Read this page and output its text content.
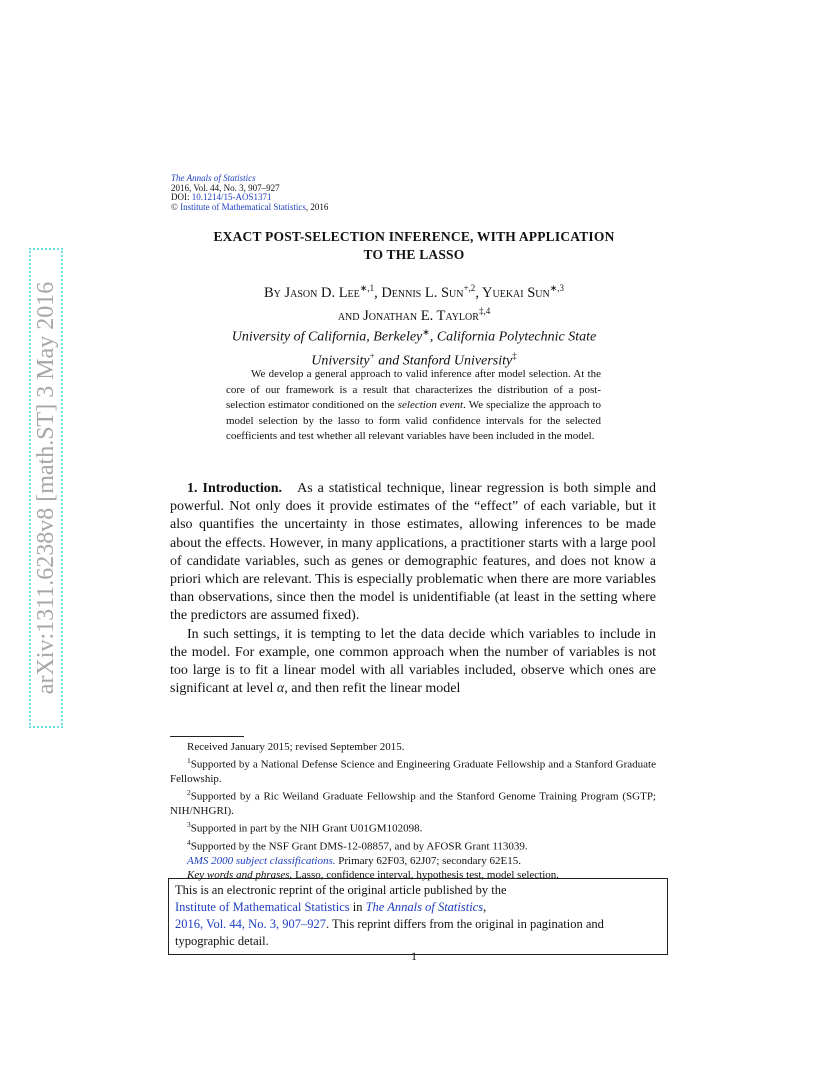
arXiv:1311.6238v8 [math.ST] 3 May 2016
The Annals of Statistics
2016, Vol. 44, No. 3, 907–927
DOI: 10.1214/15-AOS1371
© Institute of Mathematical Statistics, 2016
EXACT POST-SELECTION INFERENCE, WITH APPLICATION
TO THE LASSO
By Jason D. Lee$^{∗,1}$, Dennis L. Sun$^{+,2}$, Yuekai Sun$^{∗,3}$
and Jonathan E. Taylor$^{\ddagger,4}$
University of California, Berkeley∗, California Polytechnic State
University+ and Stanford University‡

We develop a general approach to valid inference after model selection. At the core of our framework is a result that characterizes the distribution of a post-selection estimator conditioned on the selection event. We specialize the approach to model selection by the lasso to form valid confidence intervals for the selected coefficients and test whether all relevant variables have been included in the model.

1. Introduction. As a statistical technique, linear regression is both simple and powerful. Not only does it provide estimates of the “effect” of each variable, but it also quantifies the uncertainty in those estimates, allowing inferences to be made about the effects. However, in many applications, a practitioner starts with a large pool of candidate variables, such as genes or demographic features, and does not know a priori which are relevant. This is especially problematic when there are more variables than observations, since then the model is unidentifiable (at least in the setting where the predictors are assumed fixed).

In such settings, it is tempting to let the data decide which variables to include in the model. For example, one common approach when the number of variables is not too large is to fit a linear model with all variables included, observe which ones are significant at level α, and then refit the linear model

Received January 2015; revised September 2015.

$^1$Supported by a National Defense Science and Engineering Graduate Fellowship and a Stanford Graduate Fellowship.

$^2$Supported by a Ric Weiland Graduate Fellowship and the Stanford Genome Training Program (SGTP; NIH/NHGRI).

$^3$Supported in part by the NIH Grant U01GM102098.

$^4$Supported by the NSF Grant DMS-12-08857, and by AFOSR Grant 113039.

AMS 2000 subject classifications. Primary 62F03, 62J07; secondary 62E15.

Key words and phrases. Lasso, confidence interval, hypothesis test, model selection.

This is an electronic reprint of the original article published by the
Institute of Mathematical Statistics in The Annals of Statistics,
2016, Vol. 44, No. 3, 907–927. This reprint differs from the original in pagination and typographic detail.
1
